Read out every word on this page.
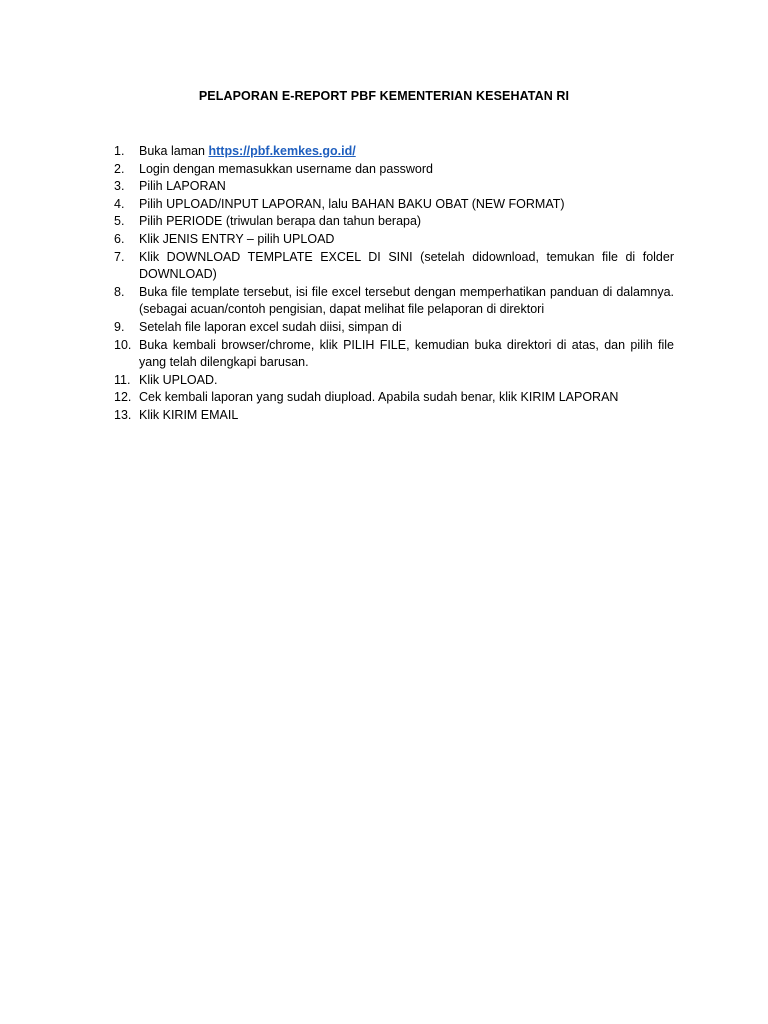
PELAPORAN E-REPORT PBF KEMENTERIAN KESEHATAN RI
1. Buka laman https://pbf.kemkes.go.id/
2. Login dengan memasukkan username dan password
3. Pilih LAPORAN
4. Pilih UPLOAD/INPUT LAPORAN, lalu BAHAN BAKU OBAT (NEW FORMAT)
5. Pilih PERIODE (triwulan berapa dan tahun berapa)
6. Klik JENIS ENTRY – pilih UPLOAD
7. Klik DOWNLOAD TEMPLATE EXCEL DI SINI (setelah didownload, temukan file di folder DOWNLOAD)
8. Buka file template tersebut, isi file excel tersebut dengan memperhatikan panduan di dalamnya. (sebagai acuan/contoh pengisian, dapat melihat file pelaporan di direktori
9. Setelah file laporan excel sudah diisi, simpan di
10. Buka kembali browser/chrome, klik PILIH FILE, kemudian buka direktori di atas, dan pilih file yang telah dilengkapi barusan.
11. Klik UPLOAD.
12. Cek kembali laporan yang sudah diupload. Apabila sudah benar, klik KIRIM LAPORAN
13. Klik KIRIM EMAIL
